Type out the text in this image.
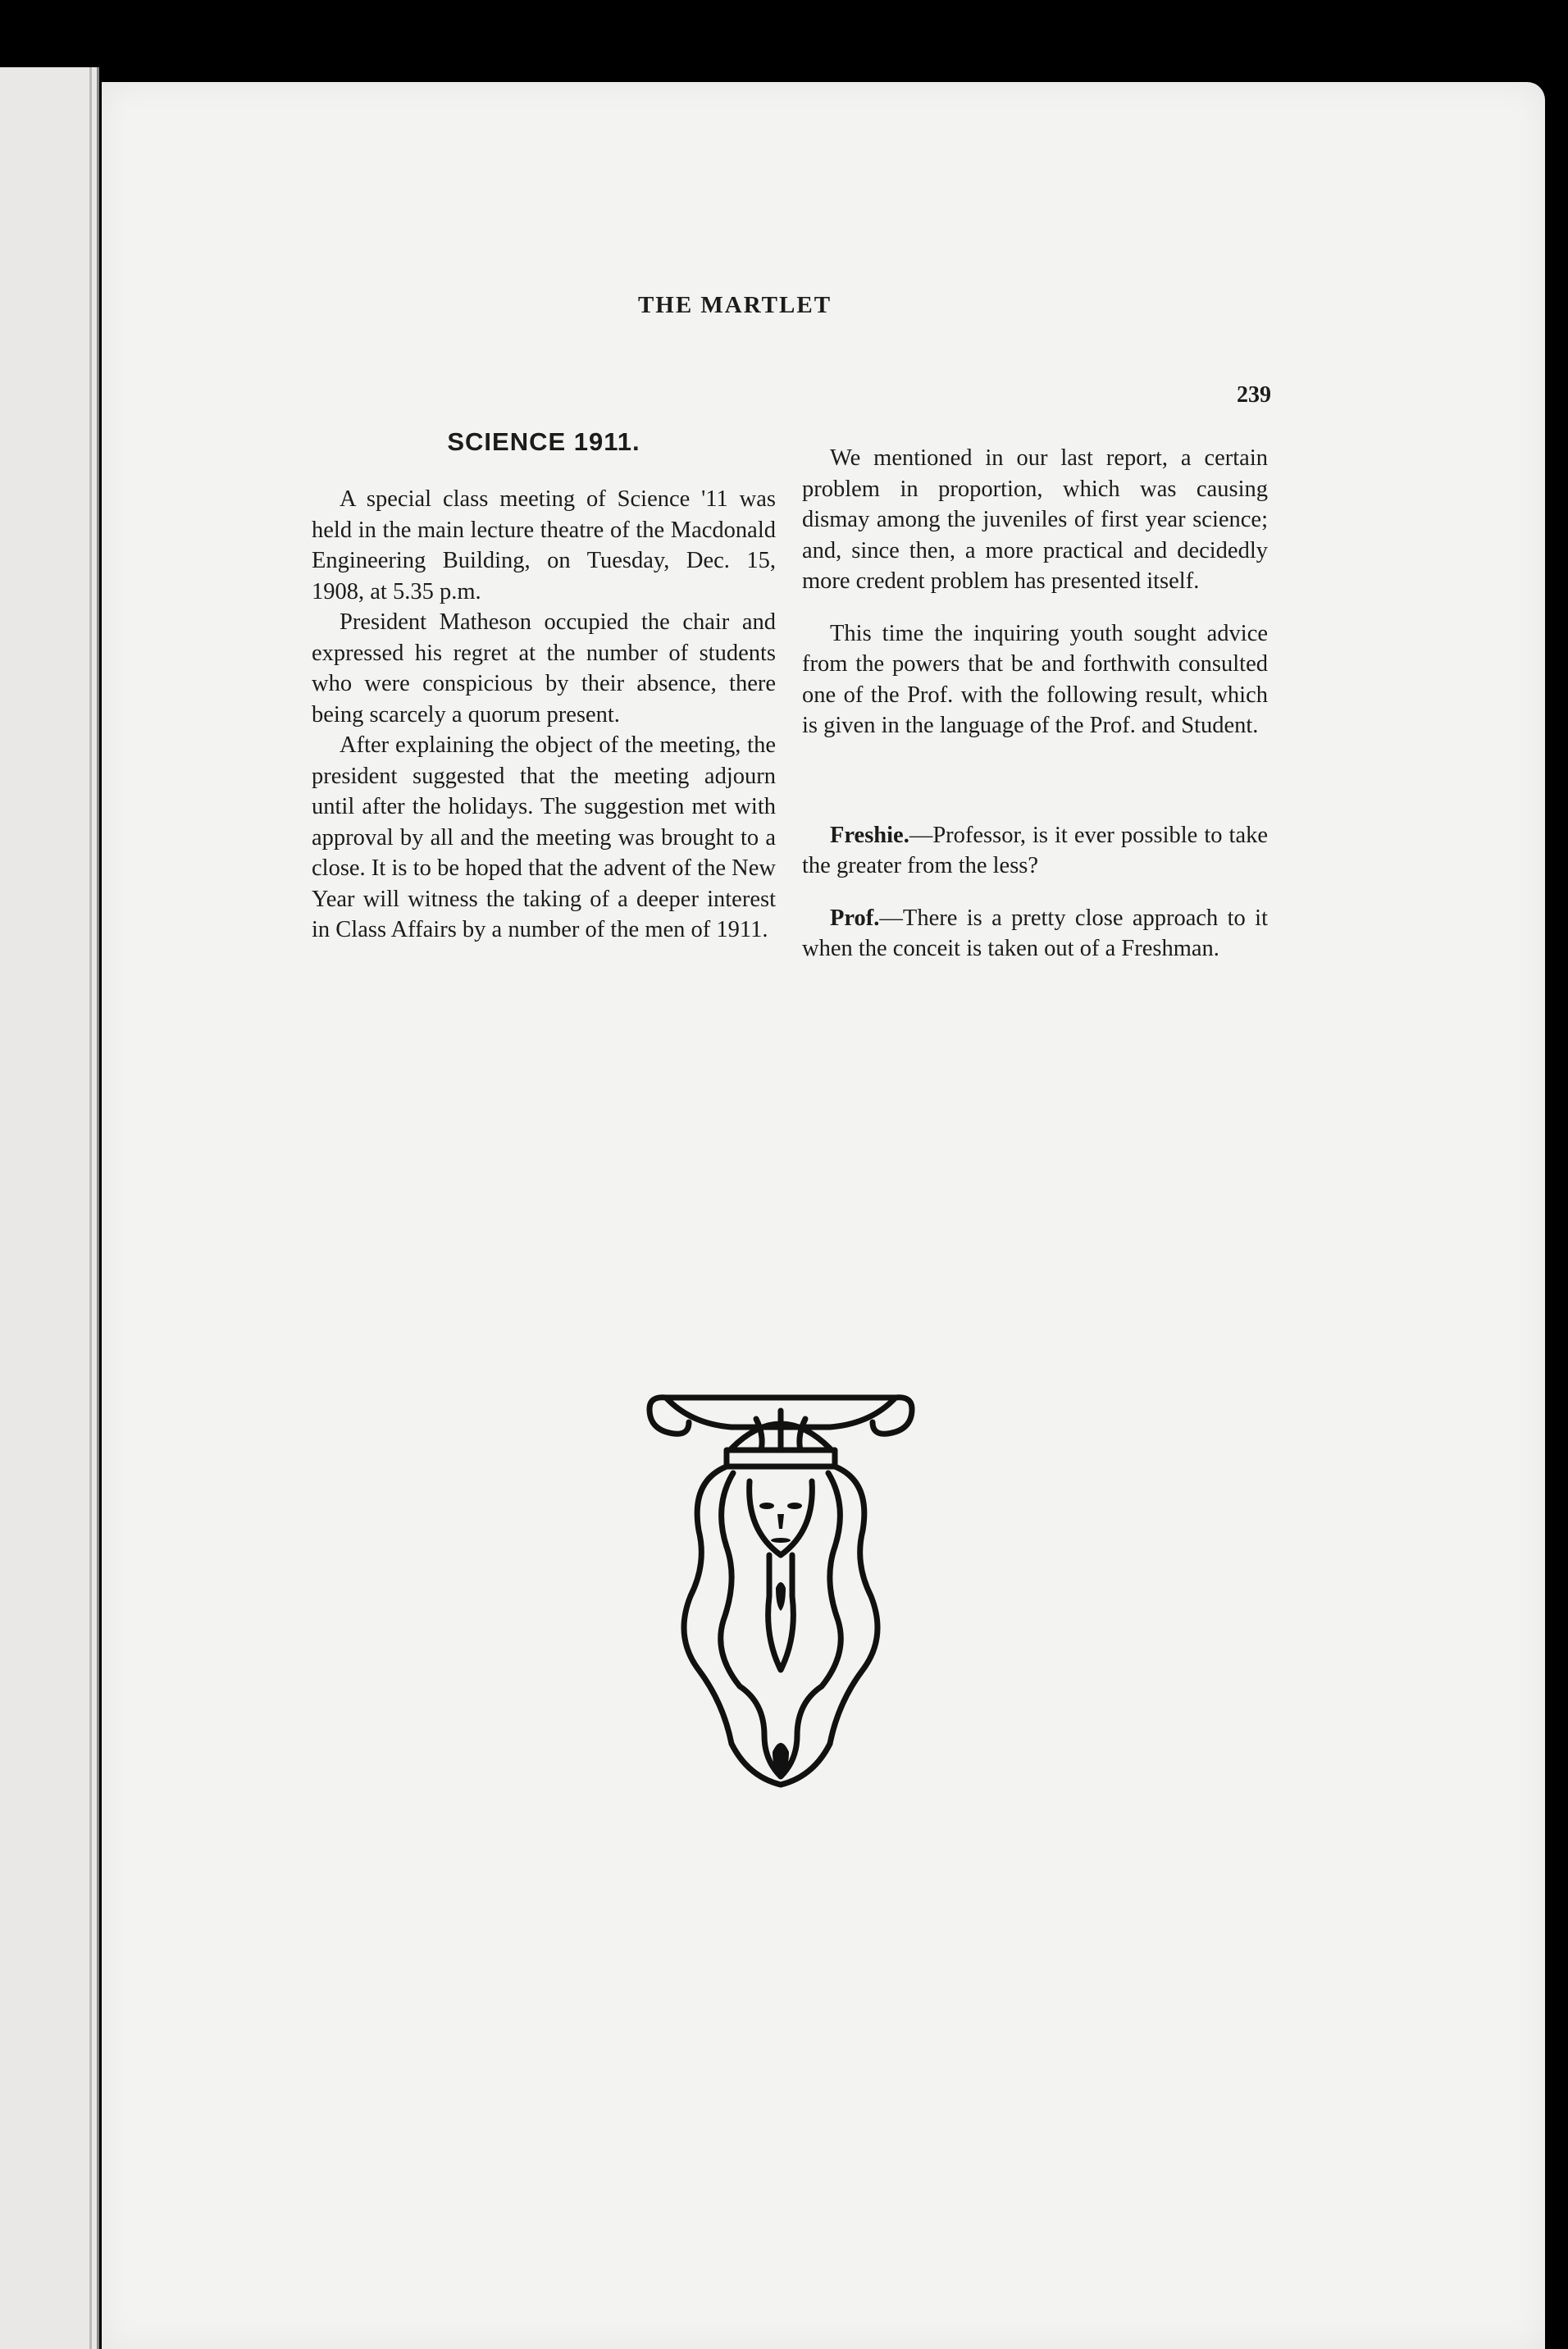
THE MARTLET
239
SCIENCE 1911.

A special class meeting of Science '11 was held in the main lecture theatre of the Macdonald Engineering Building, on Tuesday, Dec. 15, 1908, at 5.35 p.m.

President Matheson occupied the chair and expressed his regret at the number of students who were conspicious by their absence, there being scarcely a quorum present.

After explaining the object of the meeting, the president suggested that the meeting adjourn until after the holidays. The suggestion met with approval by all and the meeting was brought to a close. It is to be hoped that the advent of the New Year will witness the taking of a deeper interest in Class Affairs by a number of the men of 1911.

We mentioned in our last report, a certain problem in proportion, which was causing dismay among the juveniles of first year science; and, since then, a more practical and decidedly more credent problem has presented itself.

This time the inquiring youth sought advice from the powers that be and forthwith consulted one of the Prof. with the following result, which is given in the language of the Prof. and Student.

Freshie.—Professor, is it ever possible to take the greater from the less?

Prof.—There is a pretty close approach to it when the conceit is taken out of a Freshman.
